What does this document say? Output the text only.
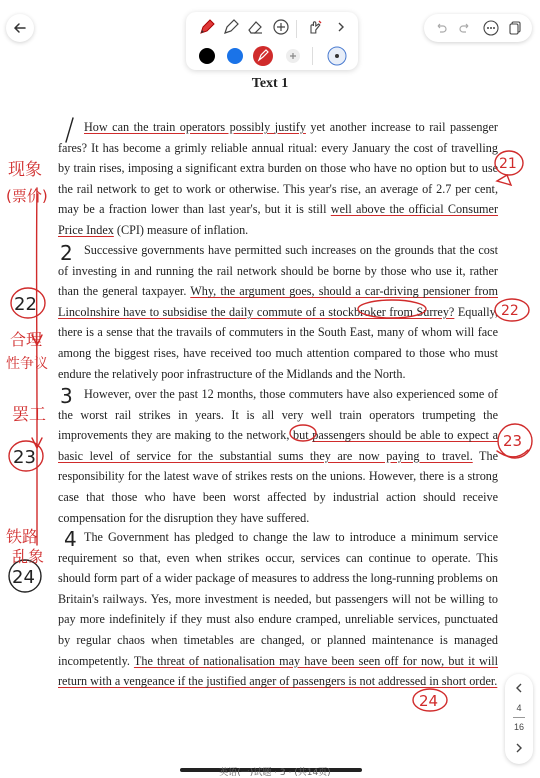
Text 1

How can the train operators possibly justify yet another increase to rail passenger fares? It has become a grimly reliable annual ritual: every January the cost of travelling by train rises, imposing a significant extra burden on those who have no option but to use the rail network to get to work or otherwise. This year's rise, an average of 2.7 per cent, may be a fraction lower than last year's, but it is still well above the official Consumer Price Index (CPI) measure of inflation.

Successive governments have permitted such increases on the grounds that the cost of investing in and running the rail network should be borne by those who use it, rather than the general taxpayer. Why, the argument goes, should a car-driving pensioner from Lincolnshire have to subsidise the daily commute of a stockbroker from Surrey? Equally, there is a sense that the travails of commuters in the South East, many of whom will face among the biggest rises, have received too much attention compared to those who must endure the relatively poor infrastructure of the Midlands and the North.

However, over the past 12 months, those commuters have also experienced some of the worst rail strikes in years. It is all very well train operators trumpeting the improvements they are making to the network, but passengers should be able to expect a basic level of service for the substantial sums they are now paying to travel. The responsibility for the latest wave of strikes rests on the unions. However, there is a strong case that those who have been worst affected by industrial action should receive compensation for the disruption they have suffered.

The Government has pledged to change the law to introduce a minimum service requirement so that, even when strikes occur, services can continue to operate. This should form part of a wider package of measures to address the long-running problems on Britain's railways. Yes, more investment is needed, but passengers will not be willing to pay more indefinitely if they must also endure cramped, unreliable services, punctuated by regular chaos when timetables are changed, or planned maintenance is managed incompetently. The threat of nationalisation may have been seen off for now, but it will return with a vengeance if the justified anger of passengers is not addressed in short order.

现象
(票价)
合理
性争议
罢工
铁路
乱象
21
22	22
23
23
24
24
2
3
4
英语(一)试题 · 3 · (共14页)
4
16
